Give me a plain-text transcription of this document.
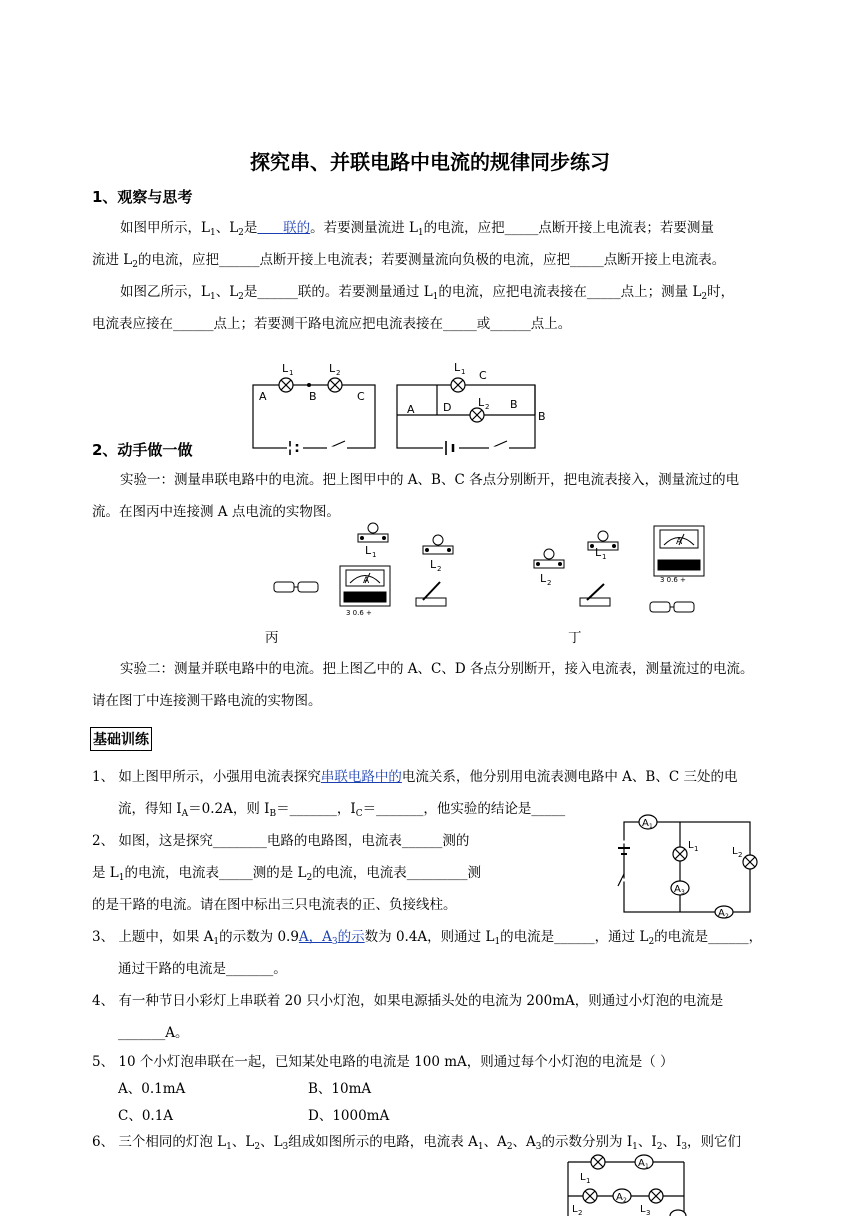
探究串、并联电路中电流的规律同步练习
1、观察与思考
如图甲所示，$L_1$、$L_2$是 联的。若要测量流进 $L_1$的电流，应把_____点断开接上电流表；若要测量
流进 $L_2$的电流，应把______点断开接上电流表；若要测量流向负极的电流，应把_____点断开接上电流表。
如图乙所示，$L_1$、$L_2$是______联的。若要测量通过 $L_1$的电流，应把电流表接在_____点上；测量 $L_2$时，
电流表应接在______点上；若要测干路电流应把电流表接在_____或______点上。
L 1	L 2
A	B	C
L 1
L 2
C
A	D	B
B
2、动手做一做
实验一：测量串联电路中的电流。把上图甲中的 A、B、C 各点分别断开，把电流表接入，测量流过的电
流。在图丙中连接测 A 点电流的实物图。
L 1
L 2
L 2
L 1
A
A
3 0.6 +
3 0.6 +
丙	丁
实验二：测量并联电路中的电流。把上图乙中的 A、C、D 各点分别断开，接入电流表，测量流过的电流。
请在图丁中连接测干路电流的实物图。
基础训练
1、 如上图甲所示，小强用电流表探究串联电路中的电流关系，他分别用电流表测电路中 A、B、C 三处的电
流，得知 $I_A=0.2A$，则 $I_B=\_\_\_\_\_\_\_$，$I_C=\_\_\_\_\_\_\_$，他实验的结论是_____
2、 如图，这是探究________电路的电路图，电流表______测的
是 $L_1$的电流，电流表_____测的是 $L_2$的电流，电流表_________测
的是干路的电流。请在图中标出三只电流表的正、负接线柱。
A 1
A 3
A 2
L 1	L 2
3、 上题中，如果 $A_1$的示数为 0.9A，$A_3$的示数为 0.4A，则通过 $L_1$的电流是______，通过 $L_2$的电流是______，
通过干路的电流是_______。
4、 有一种节日小彩灯上串联着 20 只小灯泡，如果电源插头处的电流为 200mA，则通过小灯泡的电流是
_______A。
5、 10 个小灯泡串联在一起，已知某处电路的电流是 100 mA，则通过每个小灯泡的电流是（ ）
A、0.1mA	B、10mA
C、0.1A	D、1000mA
6、 三个相同的灯泡 $L_1$、$L_2$、$L_3$组成如图所示的电路，电流表 $A_1$、$A_2$、$A_3$的示数分别为 $I_1$、$I_2$、$I_3$，则它们
A 1
A 2
L 1
L 2	L 3
